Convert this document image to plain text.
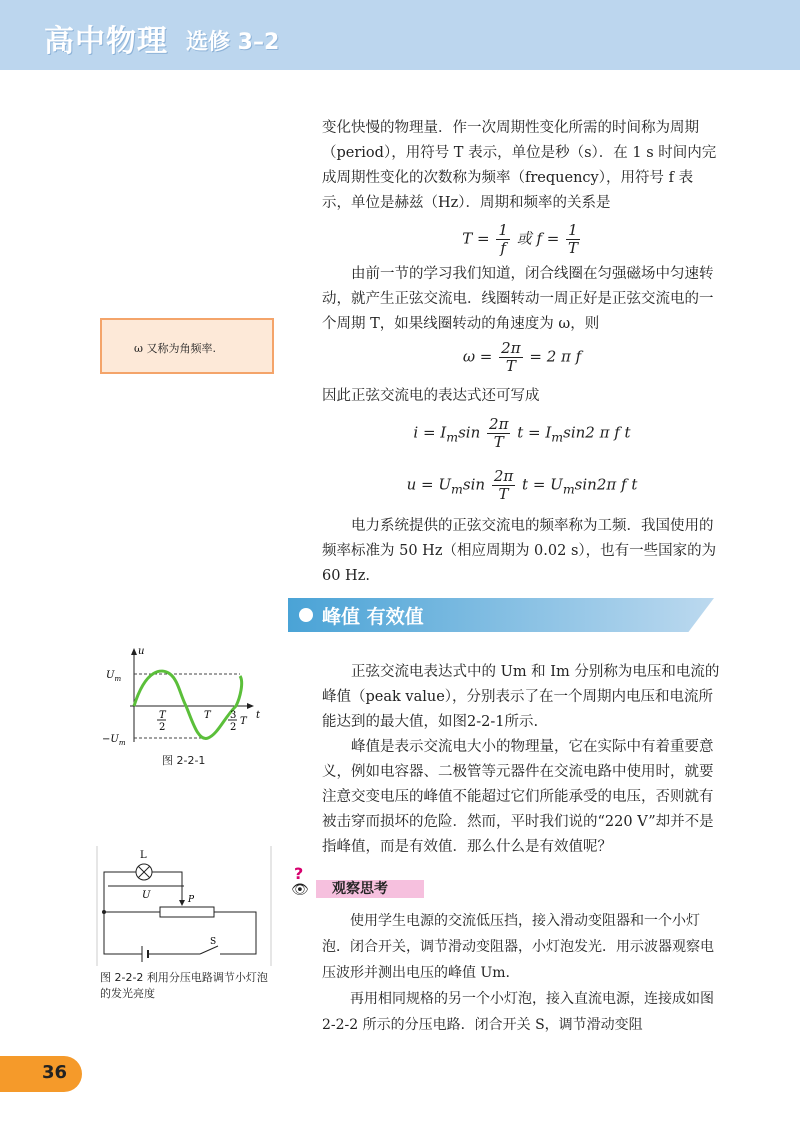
高中物理 选修 3–2

变化快慢的物理量．作一次周期性变化所需的时间称为周期（period），用符号 T 表示，单位是秒（s）．在 1 s 时间内完成周期性变化的次数称为频率（frequency），用符号 f 表示，单位是赫兹（Hz）．周期和频率的关系是

$T = \frac{1}{f}$ 或 $f = \frac{1}{T}$

由前一节的学习我们知道，闭合线圈在匀强磁场中匀速转动，就产生正弦交流电．线圈转动一周正好是正弦交流电的一个周期 T，如果线圈转动的角速度为 ω，则

$\omega = \frac{2\pi}{T} = 2$ π f

因此正弦交流电的表达式还可写成

$i = I_m\sin \frac{2\pi}{T}$ $t = I_m\sin 2$ π f t
$u = U_m\sin \frac{2\pi}{T}$ $t = U_m\sin 2\pi$ f t

电力系统提供的正弦交流电的频率称为工频．我国使用的频率标准为 50 Hz（相应周期为 0.02 s），也有一些国家的为 60 Hz.

ω 又称为角频率.
峰值 有效值

正弦交流电表达式中的 Um 和 Im 分别称为电压和电流的峰值（peak value），分别表示了在一个周期内电压和电流所能达到的最大值，如图2-2-1所示.

峰值是表示交流电大小的物理量，它在实际中有着重要意义，例如电容器、二极管等元器件在交流电路中使用时，就要注意交变电压的峰值不能超过它们所能承受的电压，否则就有被击穿而损坏的危险．然而，平时我们说的“220 V”却并不是指峰值，而是有效值．那么什么是有效值呢？

?
👁 观察思考

使用学生电源的交流低压挡，接入滑动变阻器和一个小灯泡．闭合开关，调节滑动变阻器，小灯泡发光．用示波器观察电压波形并测出电压的峰值 Um.

再用相同规格的另一个小灯泡，接入直流电源，连接成如图 2-2-2 所示的分压电路．闭合开关 S，调节滑动变阻

u
$U_m$
$-U_m$
T
2
T 3
2
T
t
图 2-2-1
L
U	P
S
图 2-2-2 利用分压电路调节小灯泡的发光亮度
36
